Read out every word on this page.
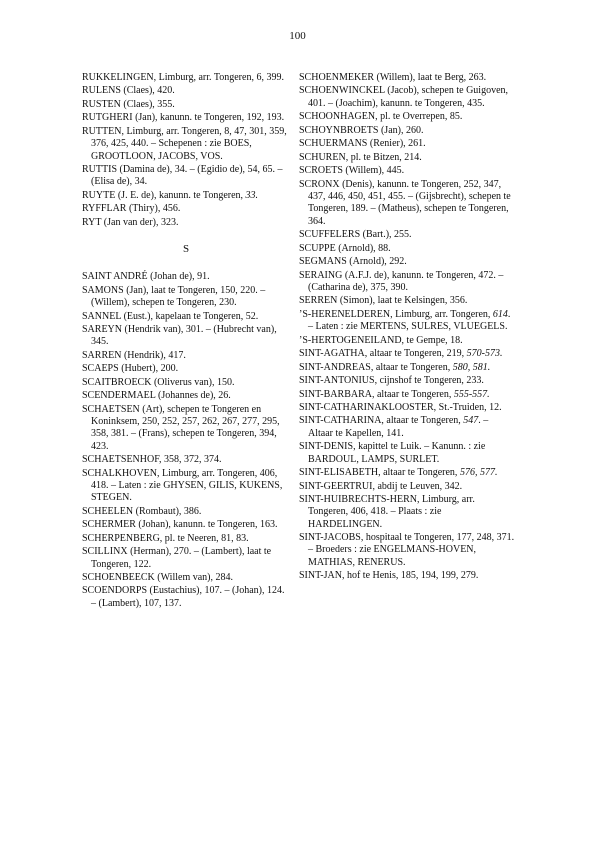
100
RUKKELINGEN, Limburg, arr. Tongeren, 6, 399.
RULENS (Claes), 420.
RUSTEN (Claes), 355.
RUTGHERI (Jan), kanunn. te Tongeren, 192, 193.
RUTTEN, Limburg, arr. Tongeren, 8, 47, 301, 359, 376, 425, 440. – Schepenen : zie BOES, GROOTLOON, JACOBS, VOS.
RUTTIS (Damina de), 34. – (Egidio de), 54, 65. – (Elisa de), 34.
RUYTE (J. E. de), kanunn. te Tongeren, 33.
RYFFLAR (Thiry), 456.
RYT (Jan van der), 323.
S
SAINT ANDRÉ (Johan de), 91.
SAMONS (Jan), laat te Tongeren, 150, 220. – (Willem), schepen te Tongeren, 230.
SANNEL (Eust.), kapelaan te Tongeren, 52.
SAREYN (Hendrik van), 301. – (Hubrecht van), 345.
SARREN (Hendrik), 417.
SCAEPS (Hubert), 200.
SCAIТBROECK (Oliverus van), 150.
SCENDERMAEL (Johannes de), 26.
SCHAETSEN (Art), schepen te Tongeren en Koninksem, 250, 252, 257, 262, 267, 277, 295, 358, 381. – (Frans), schepen te Tongeren, 394, 423.
SCHAETSENHOF, 358, 372, 374.
SCHALKHOVEN, Limburg, arr. Tongeren, 406, 418. – Laten : zie GHYSEN, GILIS, KUKENS, STEGEN.
SCHEELEN (Rombaut), 386.
SCHERMER (Johan), kanunn. te Tongeren, 163.
SCHERPENBERG, pl. te Neeren, 81, 83.
SCILLINX (Herman), 270. – (Lambert), laat te Tongeren, 122.
SCHOENBEECK (Willem van), 284.
SCOENDORPS (Eustachius), 107. – (Johan), 124. – (Lambert), 107, 137.
SCHOENMEKER (Willem), laat te Berg, 263.
SCHOENWINCKEL (Jacob), schepen te Guigoven, 401. – (Joachim), kanunn. te Tongeren, 435.
SCHOONHAGEN, pl. te Overrepen, 85.
SCHOYNBROETS (Jan), 260.
SCHUERMANS (Renier), 261.
SCHUREN, pl. te Bitzen, 214.
SCROETS (Willem), 445.
SCRONX (Denis), kanunn. te Tongeren, 252, 347, 437, 446, 450, 451, 455. – (Gijsbrecht), schepen te Tongeren, 189. – (Matheus), schepen te Tongeren, 364.
SCUFFELERS (Bart.), 255.
SCUPPE (Arnold), 88.
SEGMANS (Arnold), 292.
SERAING (A.F.J. de), kanunn. te Tongeren, 472. – (Catharina de), 375, 390.
SERREN (Simon), laat te Kelsingen, 356.
’S-HERENELDEREN, Limburg, arr. Tongeren, 614. – Laten : zie MERTENS, SULRES, VLUEGELS.
’S-HERTOGENEILAND, te Gempe, 18.
SINT-AGATHA, altaar te Tongeren, 219, 570-573.
SINT-ANDREAS, altaar te Tongeren, 580, 581.
SINT-ANTONIUS, cijnshof te Tongeren, 233.
SINT-BARBARA, altaar te Tongeren, 555-557.
SINT-CATHARINAKLOOSTER, St.-Truiden, 12.
SINT-CATHARINA, altaar te Tongeren, 547. – Altaar te Kapellen, 141.
SINT-DENIS, kapittel te Luik. – Kanunn. : zie BARDOUL, LAMPS, SURLET.
SINT-ELISABETH, altaar te Tongeren, 576, 577.
SINT-GEERTRUI, abdij te Leuven, 342.
SINT-HUIBRECHTS-HERN, Limburg, arr. Tongeren, 406, 418. – Plaats : zie HARDELINGEN.
SINT-JACOBS, hospitaal te Tongeren, 177, 248, 371. – Broeders : zie ENGELMANS-HOVEN, MATHIAS, RENERUS.
SINT-JAN, hof te Henis, 185, 194, 199, 279.
